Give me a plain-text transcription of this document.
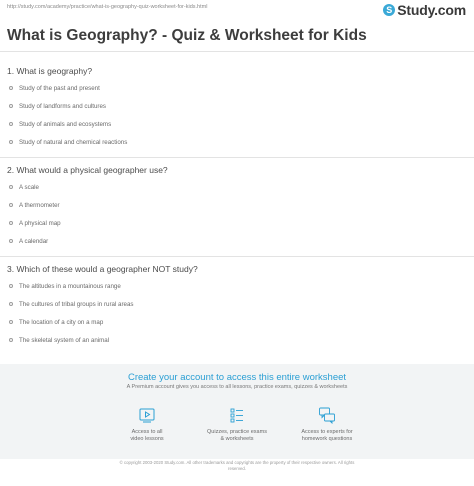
http://study.com/academy/practice/what-is-geography-quiz-worksheet-for-kids.html	S Study.com
What is Geography? - Quiz & Worksheet for Kids
1. What is geography?
Study of the past and present
Study of landforms and cultures
Study of animals and ecosystems
Study of natural and chemical reactions
2. What would a physical geographer use?
A scale
A thermometer
A physical map
A calendar
3. Which of these would a geographer NOT study?
The altitudes in a mountainous range
The cultures of tribal groups in rural areas
The location of a city on a map
The skeletal system of an animal
Create your account to access this entire worksheet
A Premium account gives you access to all lessons, practice exams, quizzes & worksheets
Access to all
video lessons
Quizzes, practice exams
& worksheets
Access to experts for
homework questions
© copyright 2003-2020 Study.com. All other trademarks and copyrights are the property of their respective owners. All rights
reserved.
